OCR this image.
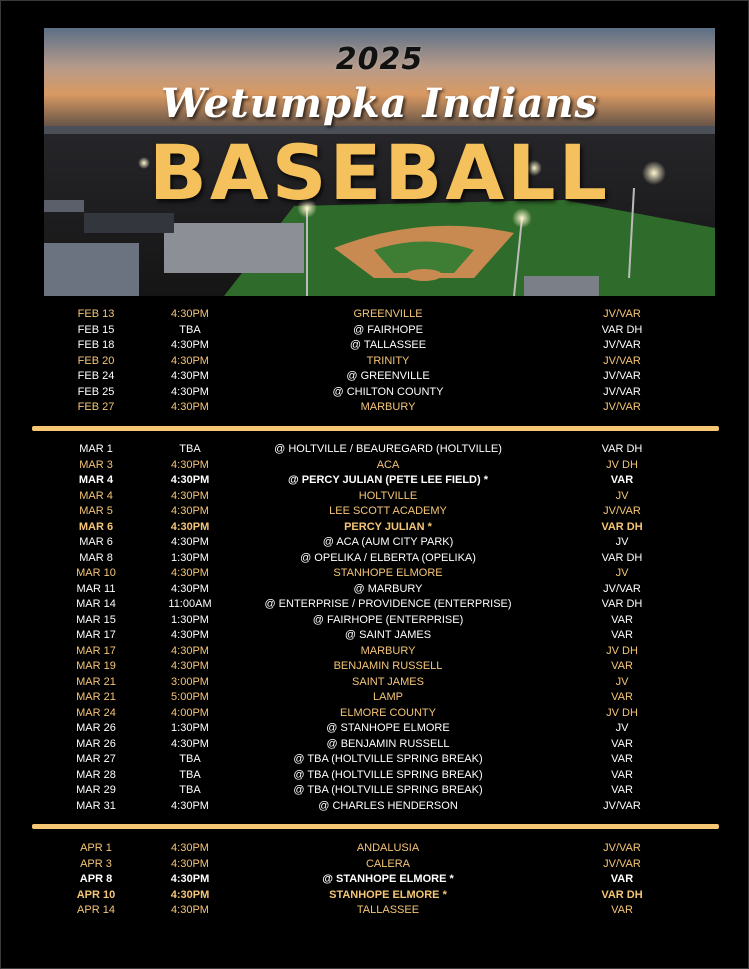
2025
Wetumpka Indians
BASEBALL
FEB 13	4:30PM	GREENVILLE	JV/VAR
FEB 15	TBA	@ FAIRHOPE	VAR DH
FEB 18	4:30PM	@ TALLASSEE	JV/VAR
FEB 20	4:30PM	TRINITY	JV/VAR
FEB 24	4:30PM	@ GREENVILLE	JV/VAR
FEB 25	4:30PM	@ CHILTON COUNTY	JV/VAR
FEB 27	4:30PM	MARBURY	JV/VAR
MAR 1	TBA	@ HOLTVILLE / BEAUREGARD (HOLTVILLE)	VAR DH
MAR 3	4:30PM	ACA	JV DH
MAR 4	4:30PM	@ PERCY JULIAN (PETE LEE FIELD) *	VAR
MAR 4	4:30PM	HOLTVILLE	JV
MAR 5	4:30PM	LEE SCOTT ACADEMY	JV/VAR
MAR 6	4:30PM	PERCY JULIAN *	VAR DH
MAR 6	4:30PM	@ ACA (AUM CITY PARK)	JV
MAR 8	1:30PM	@ OPELIKA / ELBERTA (OPELIKA)	VAR DH
MAR 10	4:30PM	STANHOPE ELMORE	JV
MAR 11	4:30PM	@ MARBURY	JV/VAR
MAR 14	11:00AM	@ ENTERPRISE / PROVIDENCE (ENTERPRISE)	VAR DH
MAR 15	1:30PM	@ FAIRHOPE (ENTERPRISE)	VAR
MAR 17	4:30PM	@ SAINT JAMES	VAR
MAR 17	4:30PM	MARBURY	JV DH
MAR 19	4:30PM	BENJAMIN RUSSELL	VAR
MAR 21	3:00PM	SAINT JAMES	JV
MAR 21	5:00PM	LAMP	VAR
MAR 24	4:00PM	ELMORE COUNTY	JV DH
MAR 26	1:30PM	@ STANHOPE ELMORE	JV
MAR 26	4:30PM	@ BENJAMIN RUSSELL	VAR
MAR 27	TBA	@ TBA (HOLTVILLE SPRING BREAK)	VAR
MAR 28	TBA	@ TBA (HOLTVILLE SPRING BREAK)	VAR
MAR 29	TBA	@ TBA (HOLTVILLE SPRING BREAK)	VAR
MAR 31	4:30PM	@ CHARLES HENDERSON	JV/VAR
APR 1	4:30PM	ANDALUSIA	JV/VAR
APR 3	4:30PM	CALERA	JV/VAR
APR 8	4:30PM	@ STANHOPE ELMORE *	VAR
APR 10	4:30PM	STANHOPE ELMORE *	VAR DH
APR 14	4:30PM	TALLASSEE	VAR
